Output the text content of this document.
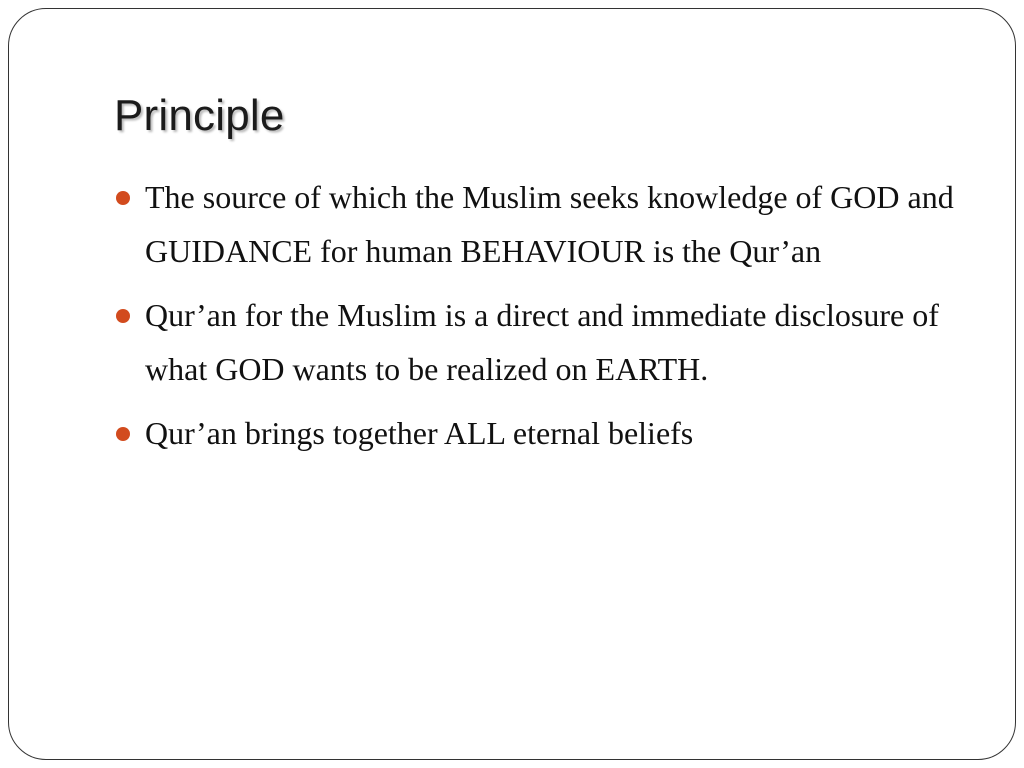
Principle
The source of which the Muslim seeks knowledge of GOD and GUIDANCE for human BEHAVIOUR is the Qur’an
Qur’an for the Muslim is a direct and immediate disclosure of what GOD wants to be realized on EARTH.
Qur’an brings together ALL eternal beliefs
